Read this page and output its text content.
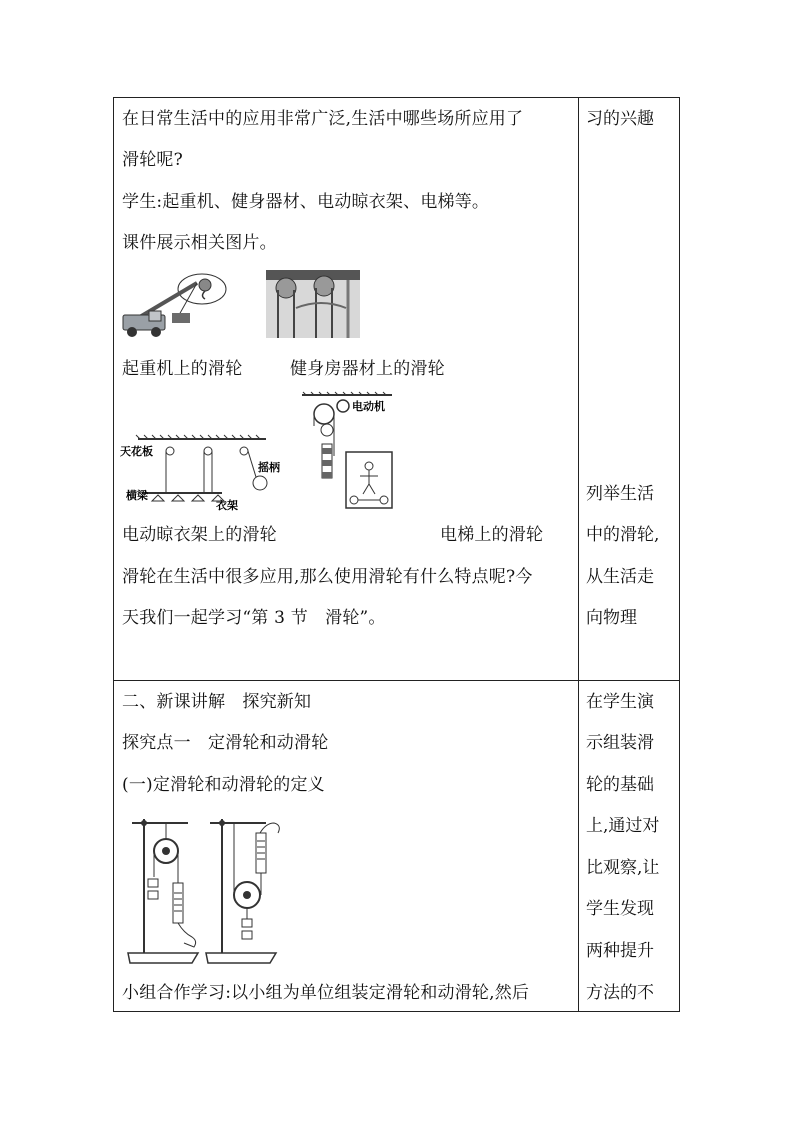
在日常生活中的应用非常广泛,生活中哪些场所应用了
滑轮呢?
学生:起重机、健身器材、电动晾衣架、电梯等。
课件展示相关图片。
起重机上的滑轮	健身房器材上的滑轮
天花板
摇柄
横梁
衣架
电动机
电动晾衣架上的滑轮	电梯上的滑轮
滑轮在生活中很多应用,那么使用滑轮有什么特点呢?今
天我们一起学习“第 3 节　滑轮”。
习的兴趣
列举生活
中的滑轮,
从生活走
向物理
二、新课讲解　探究新知
探究点一　定滑轮和动滑轮
(一)定滑轮和动滑轮的定义
小组合作学习:以小组为单位组装定滑轮和动滑轮,然后
在学生演
示组装滑
轮的基础
上,通过对
比观察,让
学生发现
两种提升
方法的不
